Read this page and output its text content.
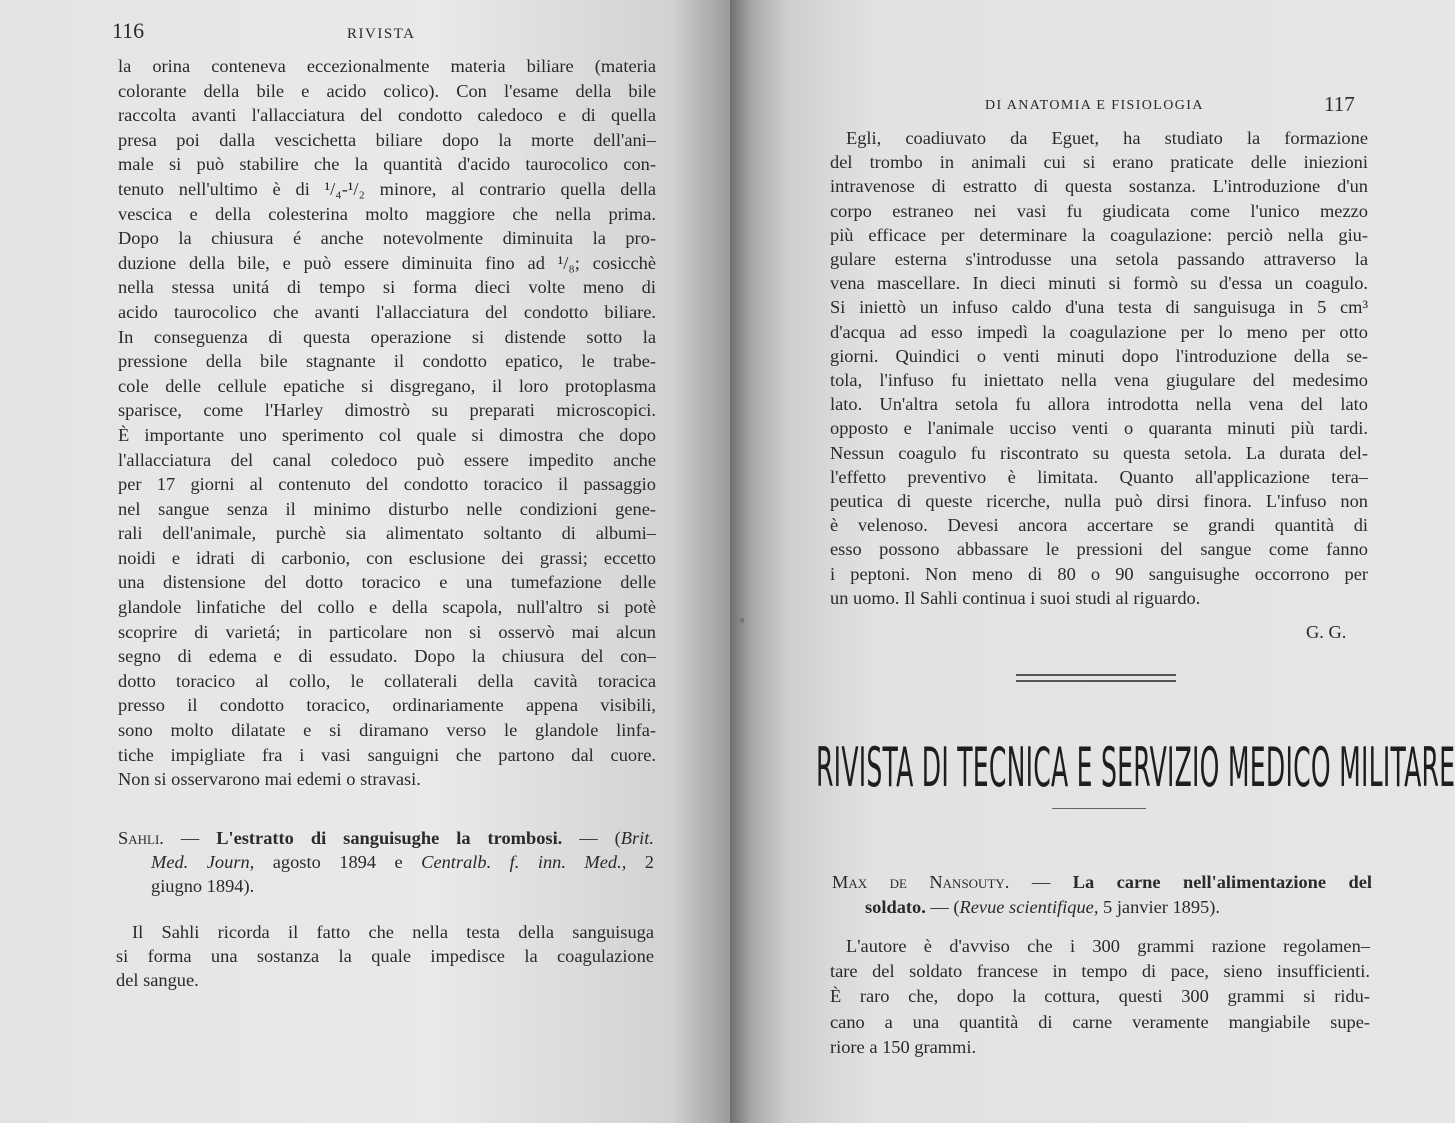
116	RIVISTA
la orina conteneva eccezionalmente materia biliare (materia
colorante della bile e acido colico). Con l'esame della bile
raccolta avanti l'allacciatura del condotto caledoco e di quella
presa poi dalla vescichetta biliare dopo la morte dell'ani–
male si può stabilire che la quantità d'acido taurocolico con-
tenuto nell'ultimo è di ¹/₄-¹/₂ minore, al contrario quella della
vescica e della colesterina molto maggiore che nella prima.
Dopo la chiusura é anche notevolmente diminuita la pro-
duzione della bile, e può essere diminuita fino ad ¹/₈; cosicchè
nella stessa unitá di tempo si forma dieci volte meno di
acido taurocolico che avanti l'allacciatura del condotto biliare.
In conseguenza di questa operazione si distende sotto la
pressione della bile stagnante il condotto epatico, le trabe-
cole delle cellule epatiche si disgregano, il loro protoplasma
sparisce, come l'Harley dimostrò su preparati microscopici.
È importante uno sperimento col quale si dimostra che dopo
l'allacciatura del canal coledoco può essere impedito anche
per 17 giorni al contenuto del condotto toracico il passaggio
nel sangue senza il minimo disturbo nelle condizioni gene-
rali dell'animale, purchè sia alimentato soltanto di albumi–
noidi e idrati di carbonio, con esclusione dei grassi; eccetto
una distensione del dotto toracico e una tumefazione delle
glandole linfatiche del collo e della scapola, null'altro si potè
scoprire di varietá; in particolare non si osservò mai alcun
segno di edema e di essudato. Dopo la chiusura del con–
dotto toracico al collo, le collaterali della cavità toracica
presso il condotto toracico, ordinariamente appena visibili,
sono molto dilatate e si diramano verso le glandole linfa-
tiche impigliate fra i vasi sanguigni che partono dal cuore.
Non si osservarono mai edemi o stravasi.
Sahli. — L'estratto di sanguisughe la trombosi. — (Brit.
Med. Journ, agosto 1894 e Centralb. f. inn. Med., 2
giugno 1894).
Il Sahli ricorda il fatto che nella testa della sanguisuga
si forma una sostanza la quale impedisce la coagulazione
del sangue.
DI ANATOMIA E FISIOLOGIA	117
Egli, coadiuvato da Eguet, ha studiato la formazione
del trombo in animali cui si erano praticate delle iniezioni
intravenose di estratto di questa sostanza. L'introduzione d'un
corpo estraneo nei vasi fu giudicata come l'unico mezzo
più efficace per determinare la coagulazione: perciò nella giu-
gulare esterna s'introdusse una setola passando attraverso la
vena mascellare. In dieci minuti si formò su d'essa un coagulo.
Si iniettò un infuso caldo d'una testa di sanguisuga in 5 cm³
d'acqua ad esso impedì la coagulazione per lo meno per otto
giorni. Quindici o venti minuti dopo l'introduzione della se-
tola, l'infuso fu iniettato nella vena giugulare del medesimo
lato. Un'altra setola fu allora introdotta nella vena del lato
opposto e l'animale ucciso venti o quaranta minuti più tardi.
Nessun coagulo fu riscontrato su questa setola. La durata del-
l'effetto preventivo è limitata. Quanto all'applicazione tera–
peutica di queste ricerche, nulla può dirsi finora. L'infuso non
è velenoso. Devesi ancora accertare se grandi quantità di
esso possono abbassare le pressioni del sangue come fanno
i peptoni. Non meno di 80 o 90 sanguisughe occorrono per
un uomo. Il Sahli continua i suoi studi al riguardo.
G. G.
RIVISTA DI TECNICA E SERVIZIO MEDICO MILITARE
Max de Nansouty. — La carne nell'alimentazione del
soldato. — (Revue scientifique, 5 janvier 1895).
L'autore è d'avviso che i 300 grammi razione regolamen–
tare del soldato francese in tempo di pace, sieno insufficienti.
È raro che, dopo la cottura, questi 300 grammi si ridu-
cano a una quantità di carne veramente mangiabile supe-
riore a 150 grammi.
